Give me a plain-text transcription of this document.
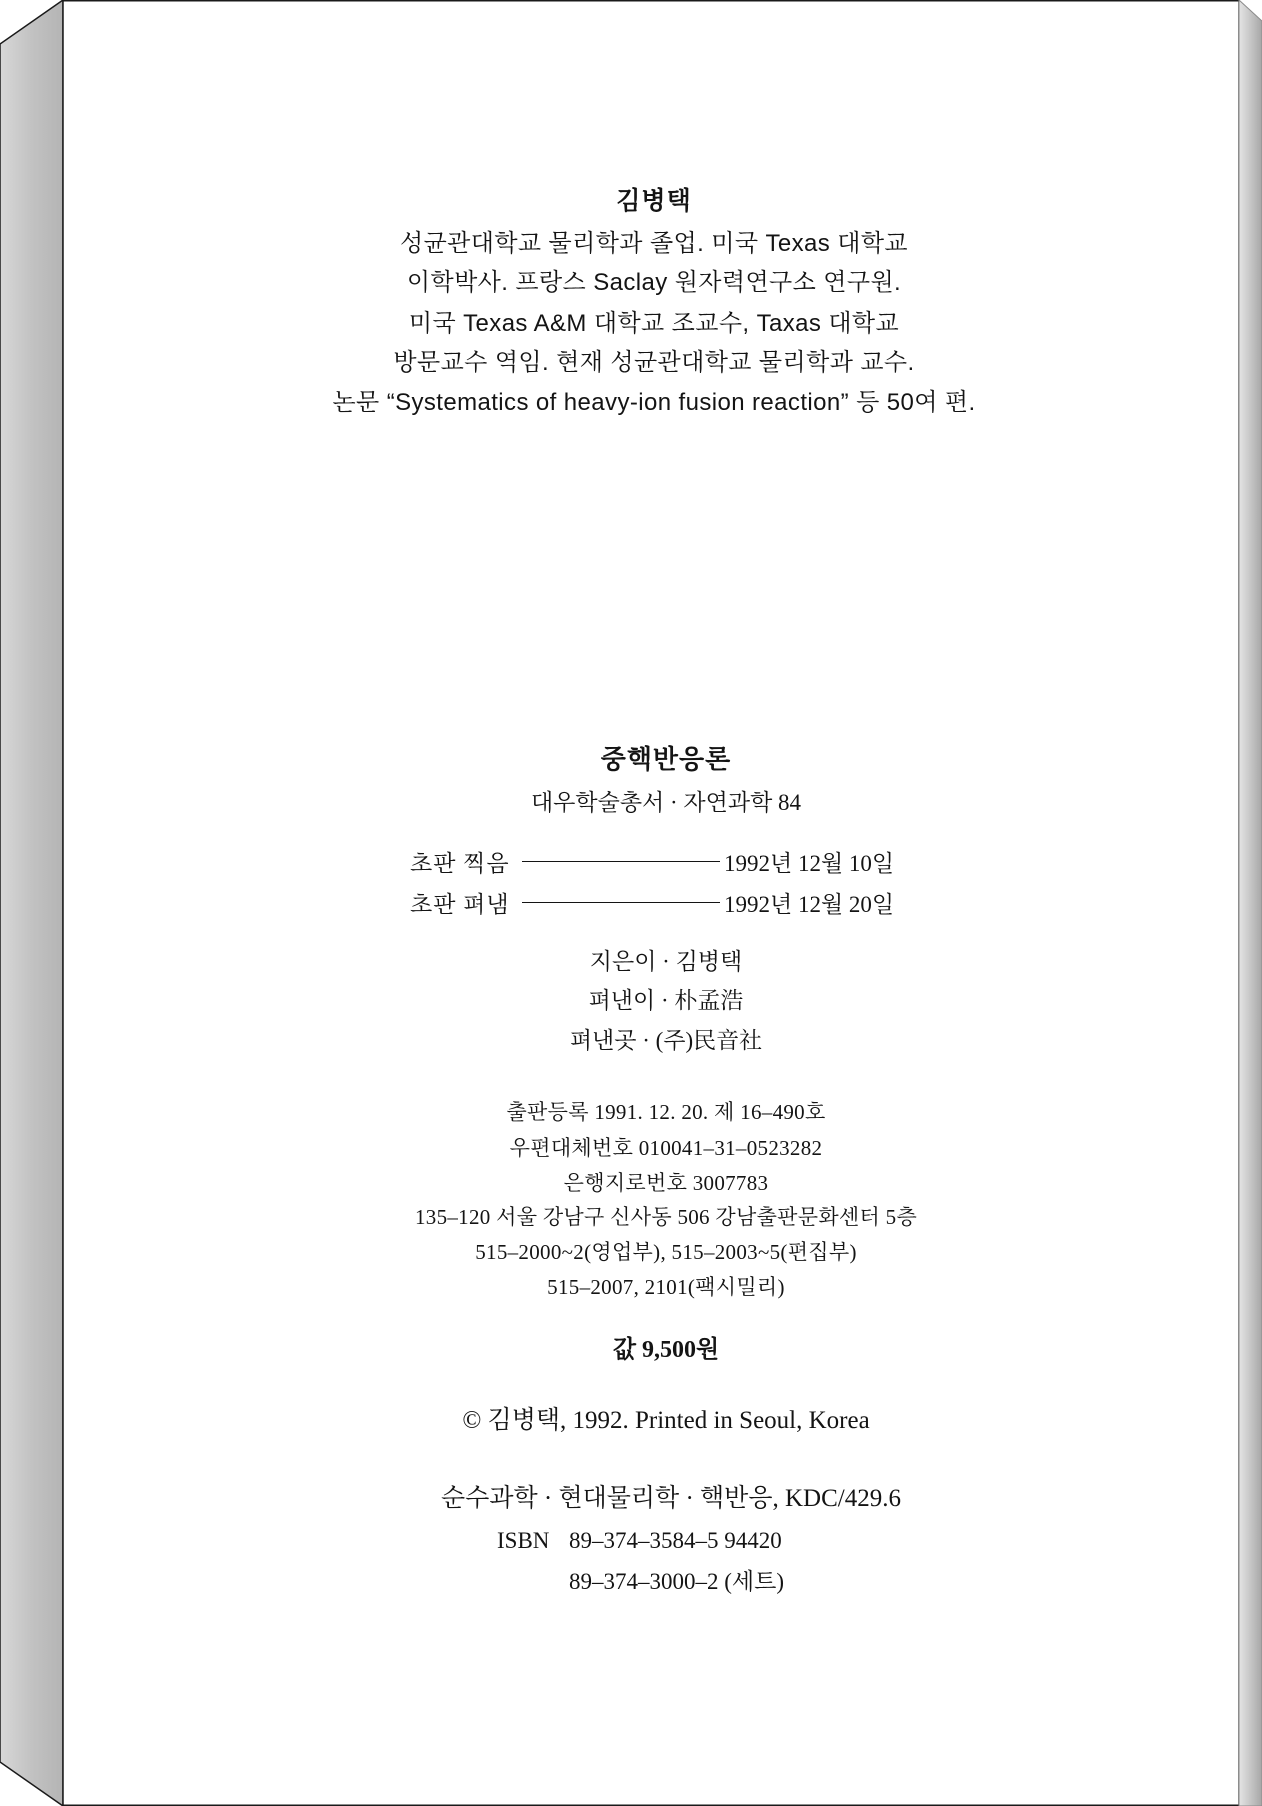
김병택
성균관대학교 물리학과 졸업. 미국 Texas 대학교
이학박사. 프랑스 Saclay 원자력연구소 연구원.
미국 Texas A&M 대학교 조교수, Taxas 대학교
방문교수 역임. 현재 성균관대학교 물리학과 교수.
논문 “Systematics of heavy-ion fusion reaction” 등 50여 편.
중핵반응론
대우학술총서 · 자연과학 84
초판 찍음	1992년 12월 10일
초판 펴냄	1992년 12월 20일
지은이 · 김병택
펴낸이 · 朴孟浩
펴낸곳 · (주)民音社
출판등록 1991. 12. 20. 제 16–490호
우편대체번호 010041–31–0523282
은행지로번호 3007783
135–120 서울 강남구 신사동 506 강남출판문화센터 5층
515–2000~2(영업부), 515–2003~5(편집부)
515–2007, 2101(팩시밀리)
값 9,500원
© 김병택, 1992. Printed in Seoul, Korea
순수과학 · 현대물리학 · 핵반응, KDC/429.6
ISBN 89–374–3584–5 94420
89–374–3000–2 (세트)
